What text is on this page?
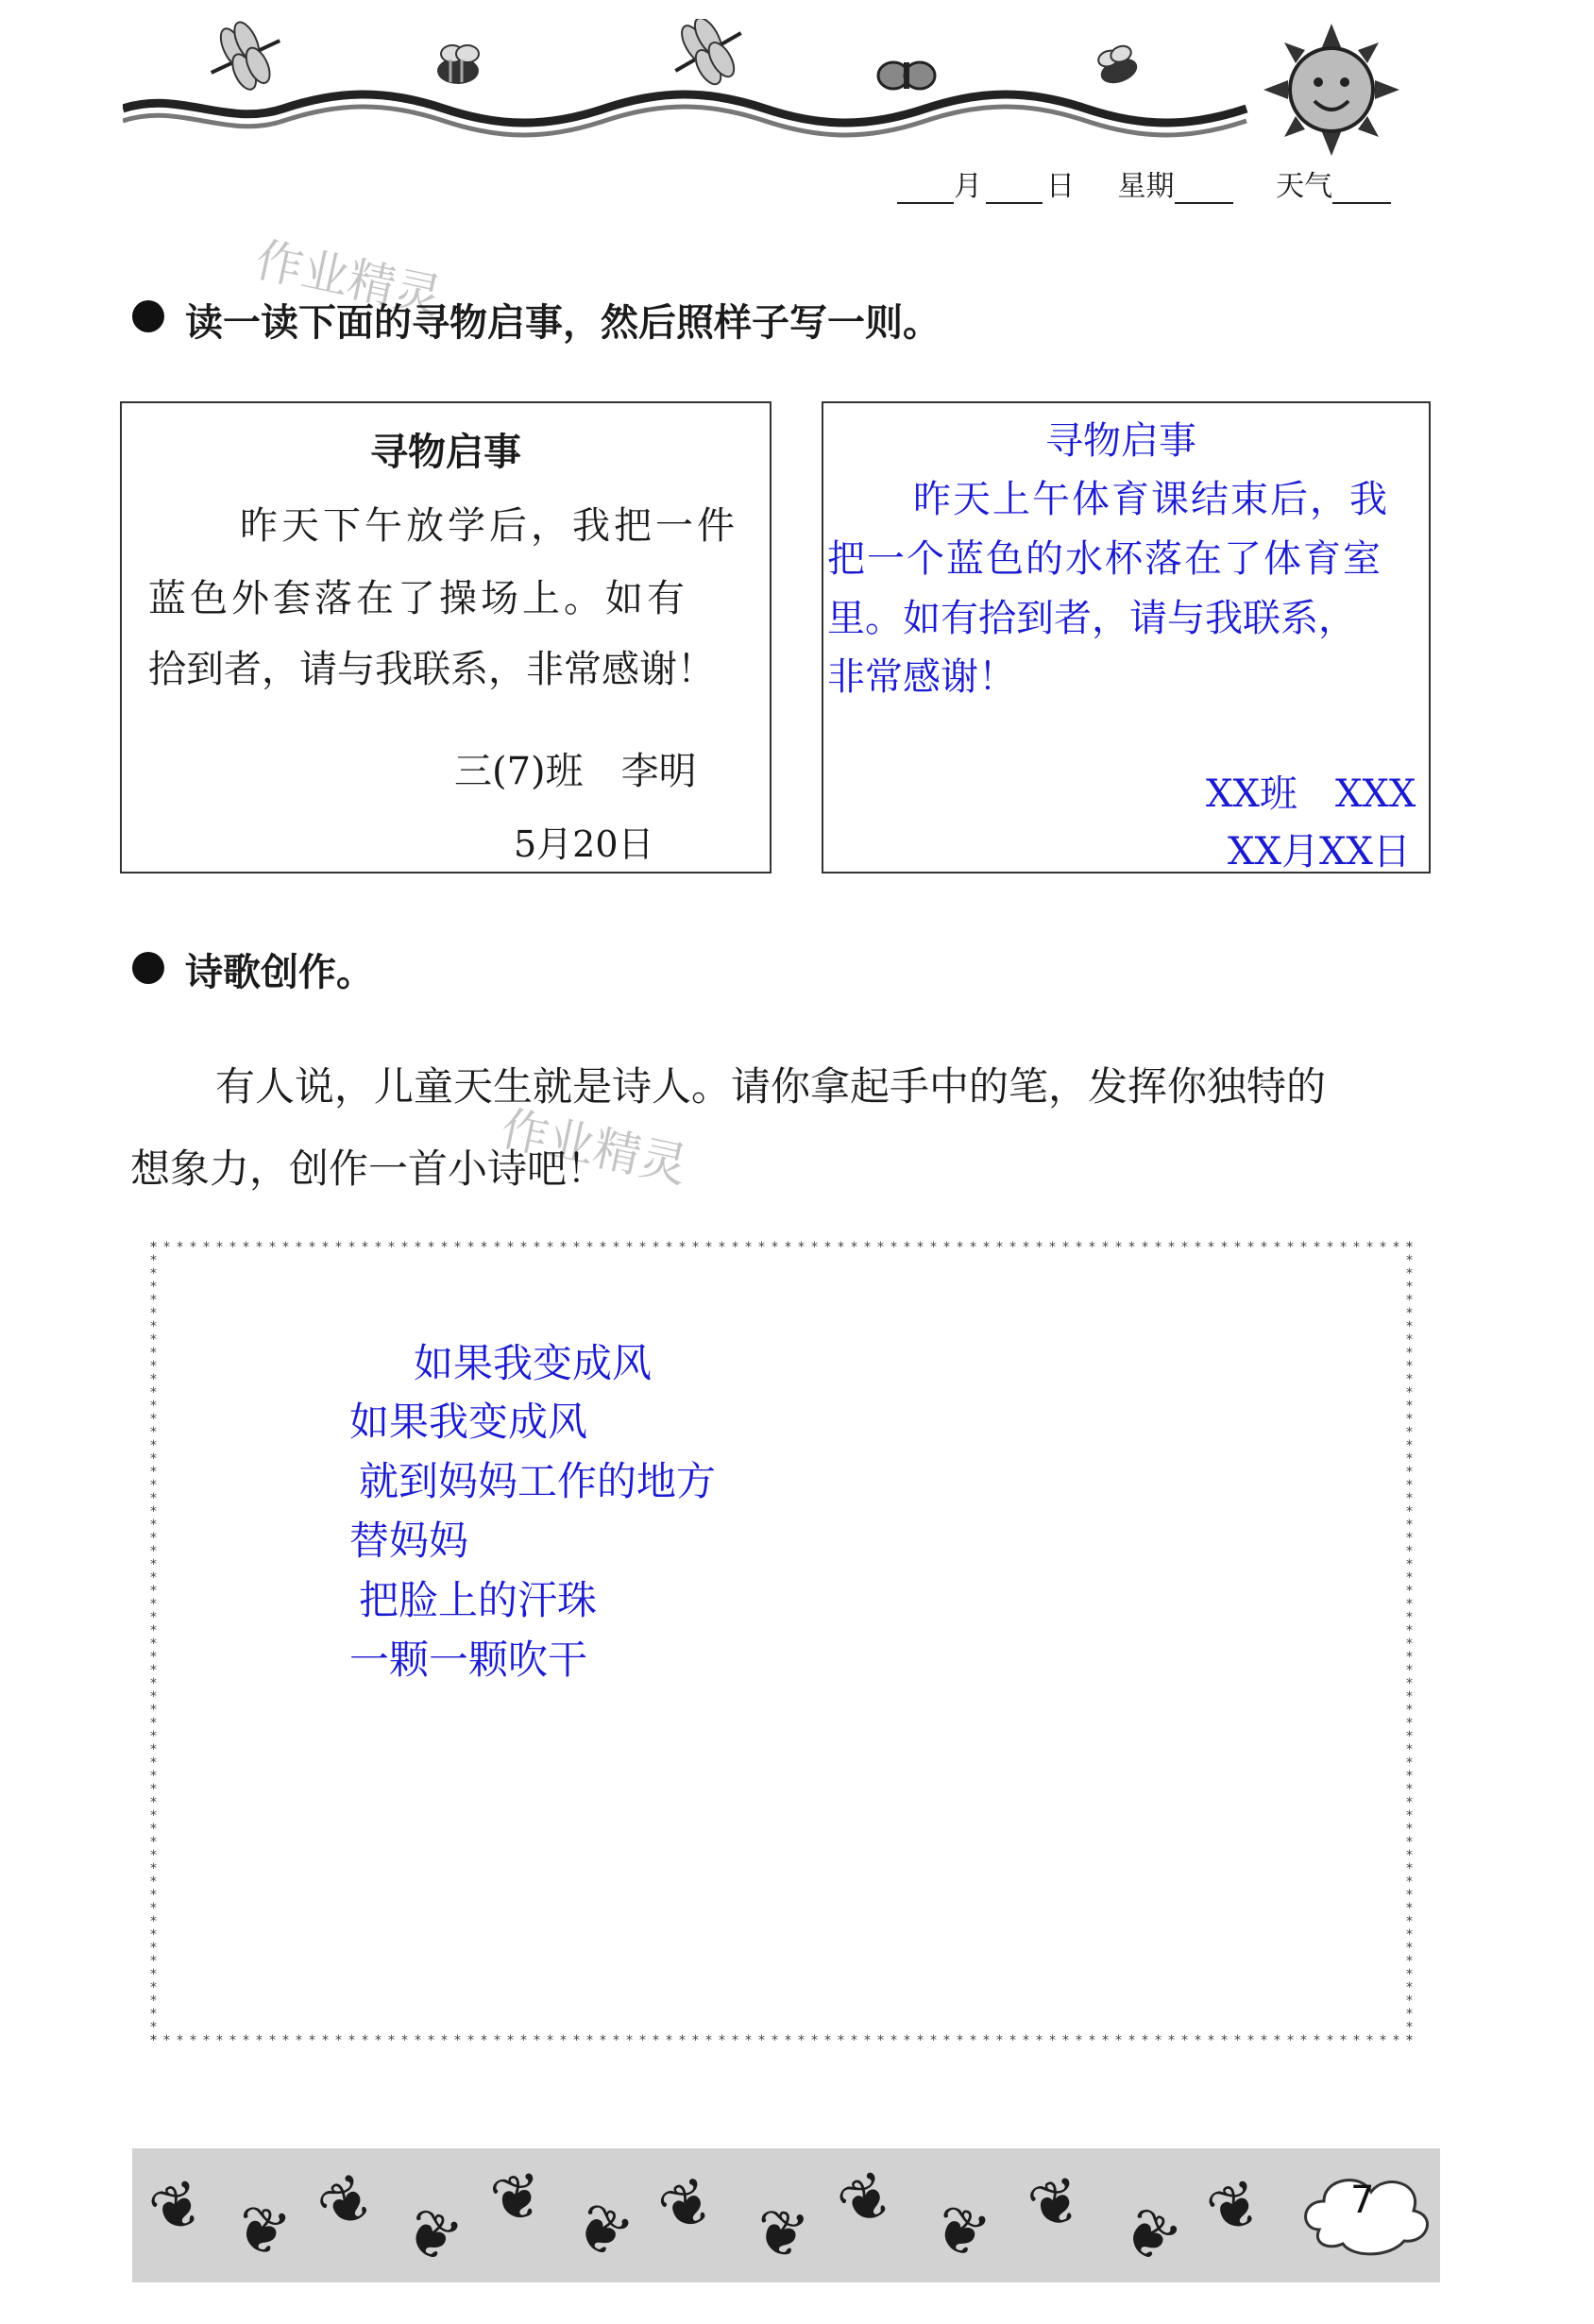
月 日 星期	天气
作业精灵
作业精灵
读一读下面的寻物启事，然后照样子写一则。
寻物启事
昨天下午放学后，我把一件
蓝色外套落在了操场上。如有
拾到者，请与我联系，非常感谢！
三(7)班　李明
5月20日
寻物启事
昨天上午体育课结束后，我
把一个蓝色的水杯落在了体育室
里。如有拾到者，请与我联系，
非常感谢！
XX班　XXX
XX月XX日
诗歌创作。
有人说，儿童天生就是诗人。请你拿起手中的笔，发挥你独特的
想象力，创作一首小诗吧！
如果我变成风
如果我变成风
就到妈妈工作的地方
替妈妈
把脸上的汗珠
一颗一颗吹干
❦ ❦ ❦ ❦ ❦ ❦ ❦ ❦ ❦ ❦ ❦ ❦ ❦ 7
